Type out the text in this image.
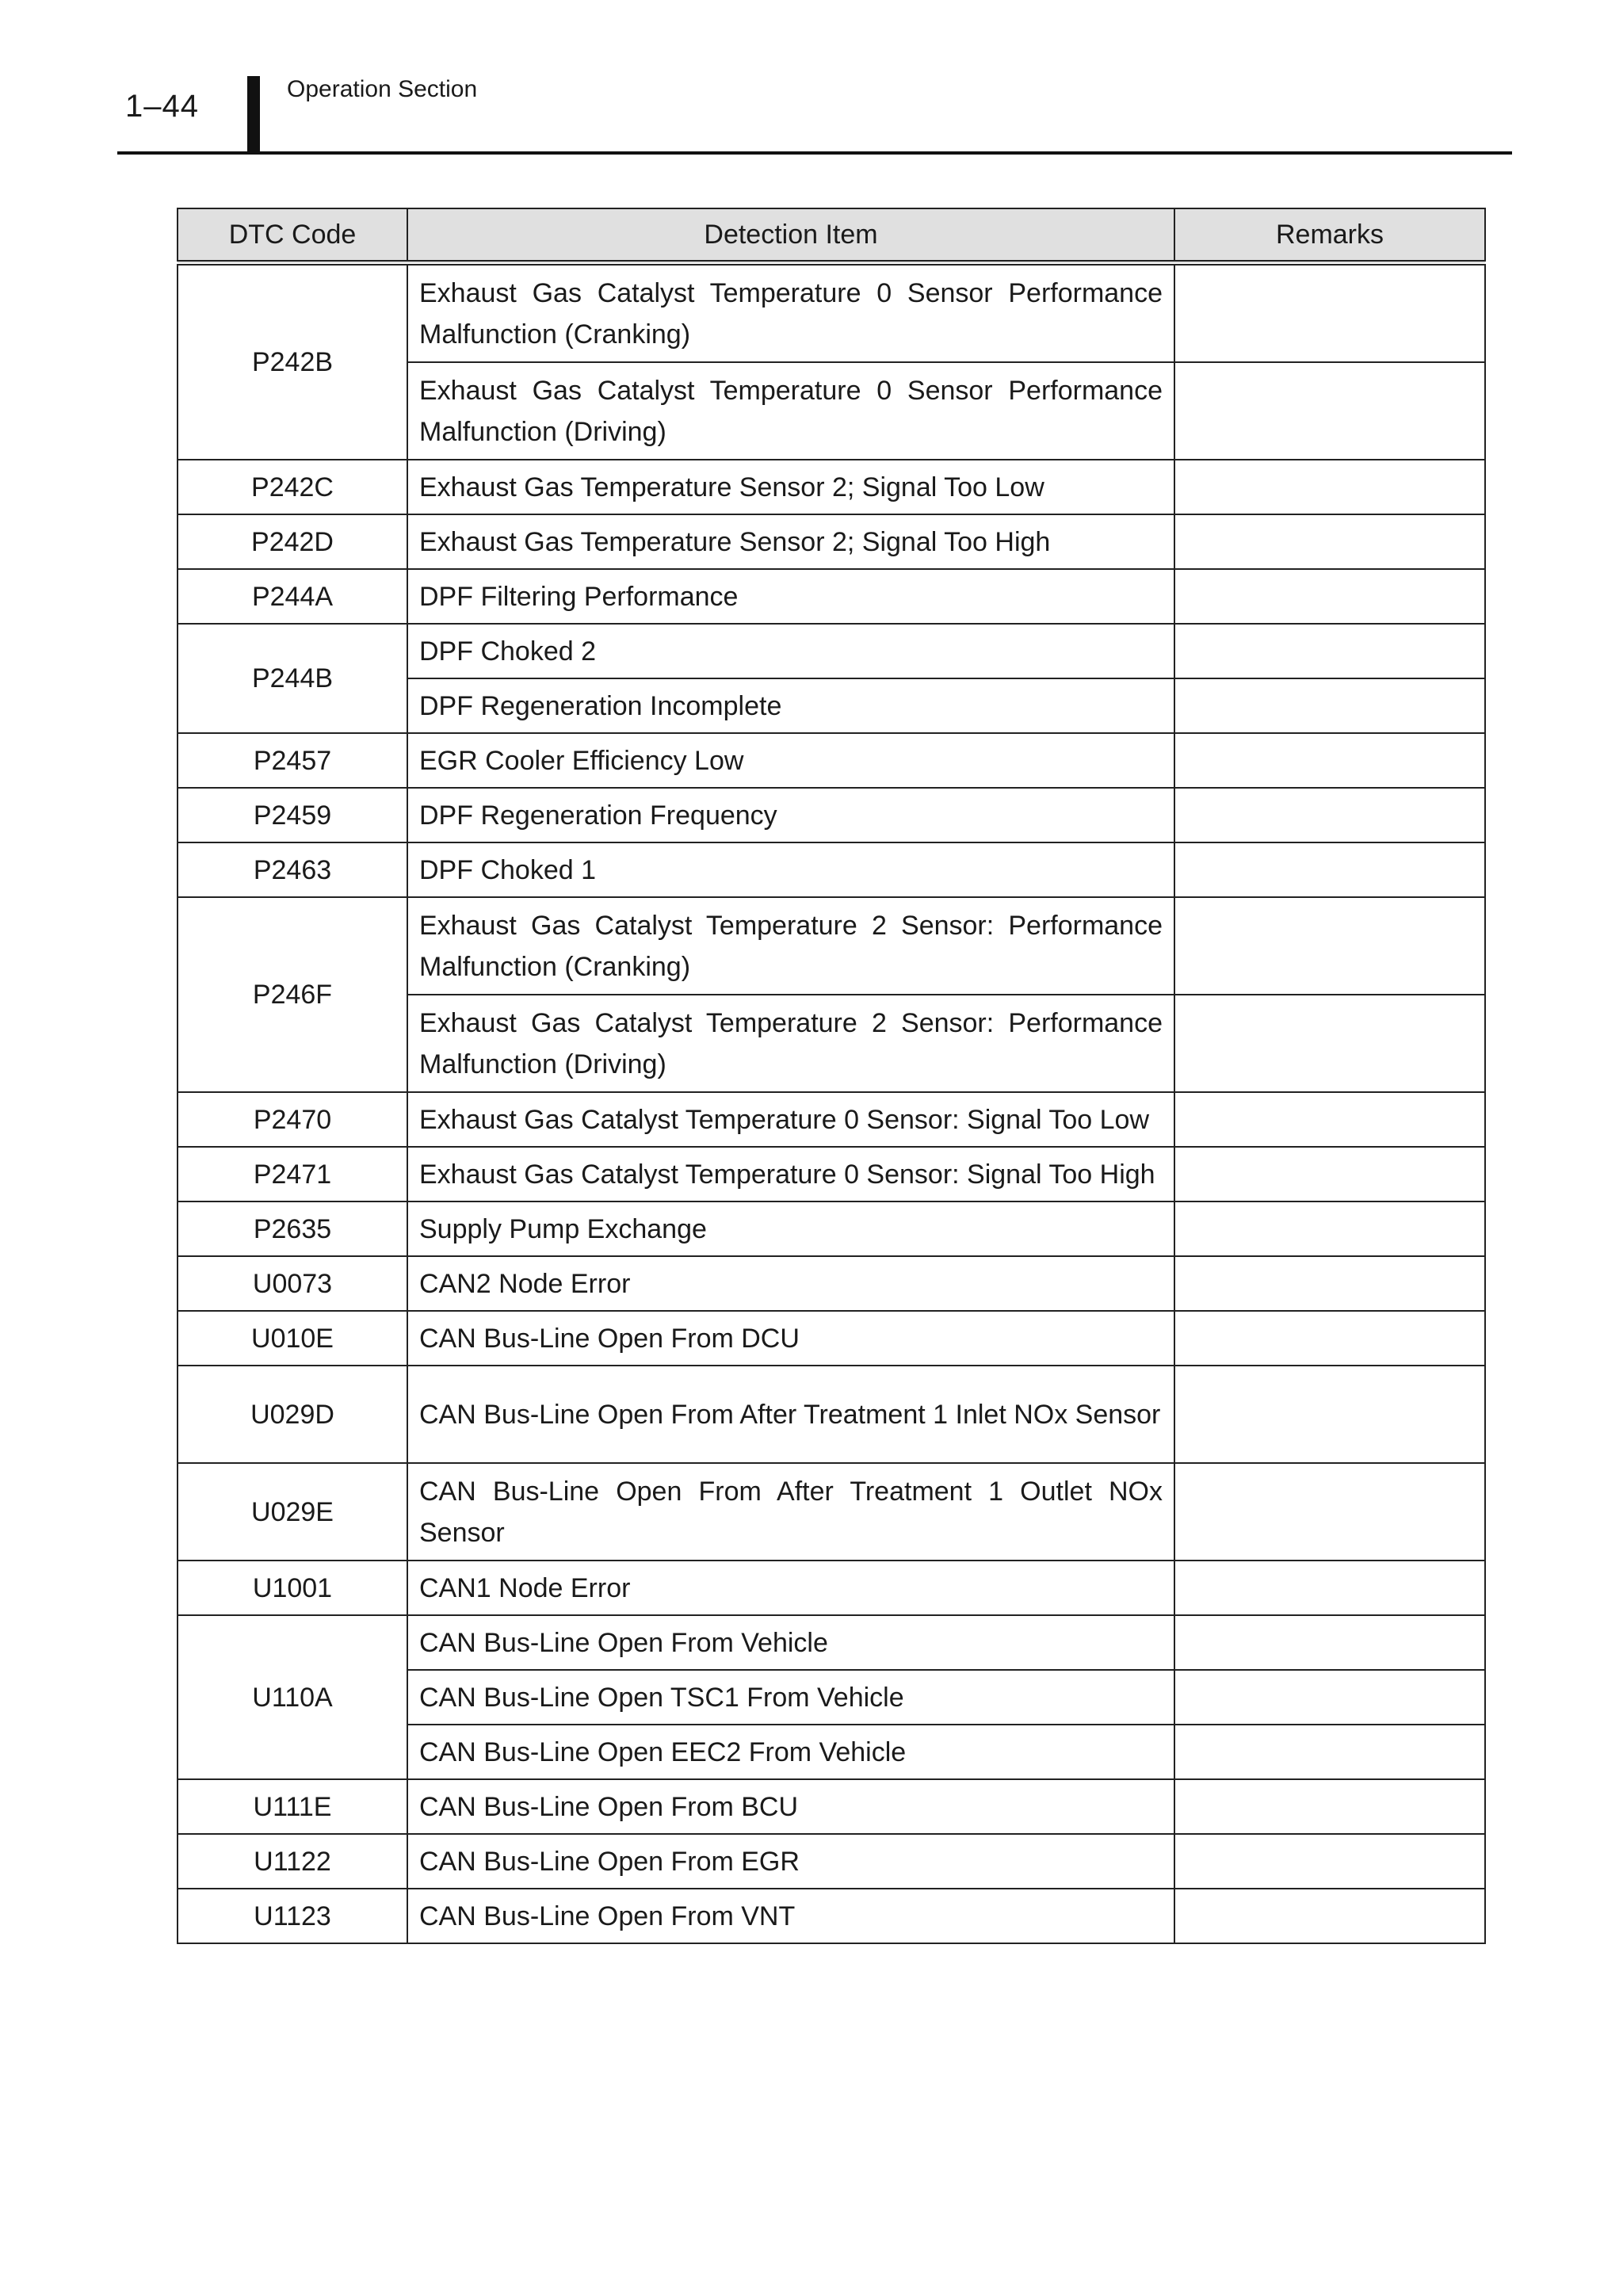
1–44	Operation Section
DTC Code	Detection Item	Remarks
P242B	Exhaust Gas Catalyst Temperature 0 Sensor Performance Malfunction (Cranking)	
	Exhaust Gas Catalyst Temperature 0 Sensor Performance Malfunction (Driving)	
P242C	Exhaust Gas Temperature Sensor 2; Signal Too Low	
P242D	Exhaust Gas Temperature Sensor 2; Signal Too High	
P244A	DPF Filtering Performance	
P244B	DPF Choked 2	
	DPF Regeneration Incomplete	
P2457	EGR Cooler Efficiency Low	
P2459	DPF Regeneration Frequency	
P2463	DPF Choked 1	
P246F	Exhaust Gas Catalyst Temperature 2 Sensor: Performance Malfunction (Cranking)	
	Exhaust Gas Catalyst Temperature 2 Sensor: Performance Malfunction (Driving)	
P2470	Exhaust Gas Catalyst Temperature 0 Sensor: Signal Too Low	
P2471	Exhaust Gas Catalyst Temperature 0 Sensor: Signal Too High	
P2635	Supply Pump Exchange	
U0073	CAN2 Node Error	
U010E	CAN Bus-Line Open From DCU	
U029D	CAN Bus-Line Open From After Treatment 1 Inlet NOx Sensor	
U029E	CAN Bus-Line Open From After Treatment 1 Outlet NOx Sensor	
U1001	CAN1 Node Error	
U110A	CAN Bus-Line Open From Vehicle	
	CAN Bus-Line Open TSC1 From Vehicle	
	CAN Bus-Line Open EEC2 From Vehicle	
U111E	CAN Bus-Line Open From BCU	
U1122	CAN Bus-Line Open From EGR	
U1123	CAN Bus-Line Open From VNT	
